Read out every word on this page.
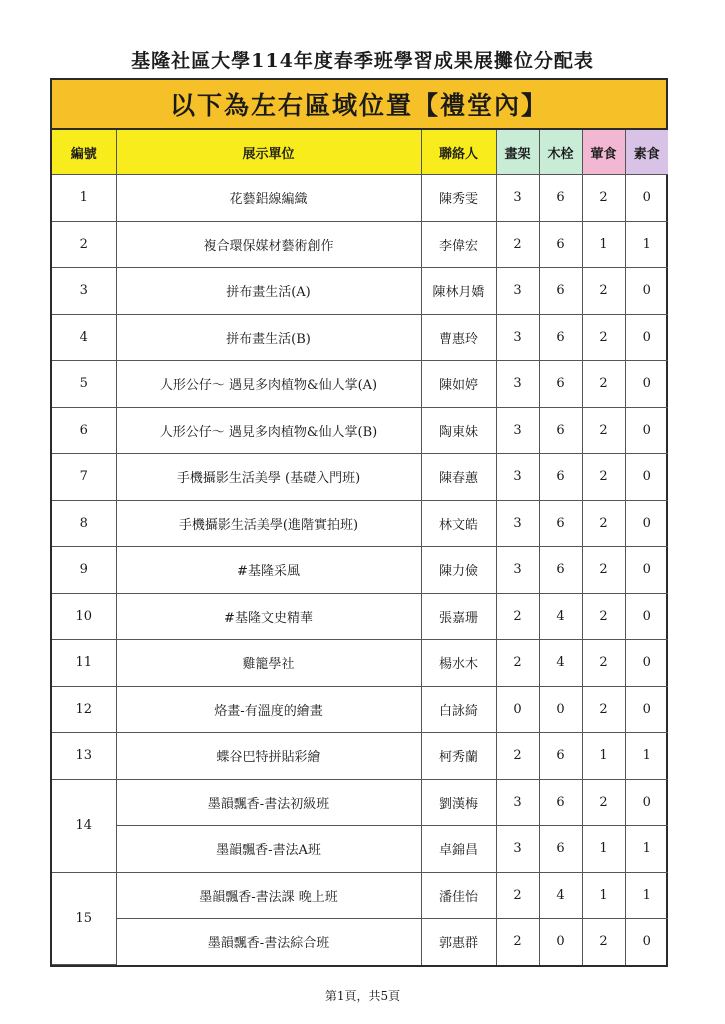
基隆社區大學114年度春季班學習成果展攤位分配表
以下為左右區域位置【禮堂內】
編號	展示單位	聯絡人	畫架	木栓	葷食	素食
1	花藝鋁線編織	陳秀雯	3	6	2	0
2	複合環保媒材藝術創作	李偉宏	2	6	1	1
3	拼布畫生活(A)	陳林月嬌	3	6	2	0
4	拼布畫生活(B)	曹惠玲	3	6	2	0
5	人形公仔～ 遇見多肉植物&仙人掌(A)	陳如婷	3	6	2	0
6	人形公仔～ 遇見多肉植物&仙人掌(B)	陶東妹	3	6	2	0
7	手機攝影生活美學 (基礎入門班)	陳春蕙	3	6	2	0
8	手機攝影生活美學(進階實拍班)	林文皓	3	6	2	0
9	#基隆采風	陳力儉	3	6	2	0
10	#基隆文史精華	張嘉珊	2	4	2	0
11	雞籠學社	楊水木	2	4	2	0
12	烙畫-有溫度的繪畫	白詠綺	0	0	2	0
13	蝶谷巴特拼貼彩繪	柯秀蘭	2	6	1	1
14	墨韻飄香-書法初級班	劉漢梅	3	6	2	0
	墨韻飄香-書法A班	卓錦昌	3	6	1	1
15	墨韻飄香-書法課 晚上班	潘佳怡	2	4	1	1
	墨韻飄香-書法綜合班	郭惠群	2	0	2	0
第1頁，共5頁
